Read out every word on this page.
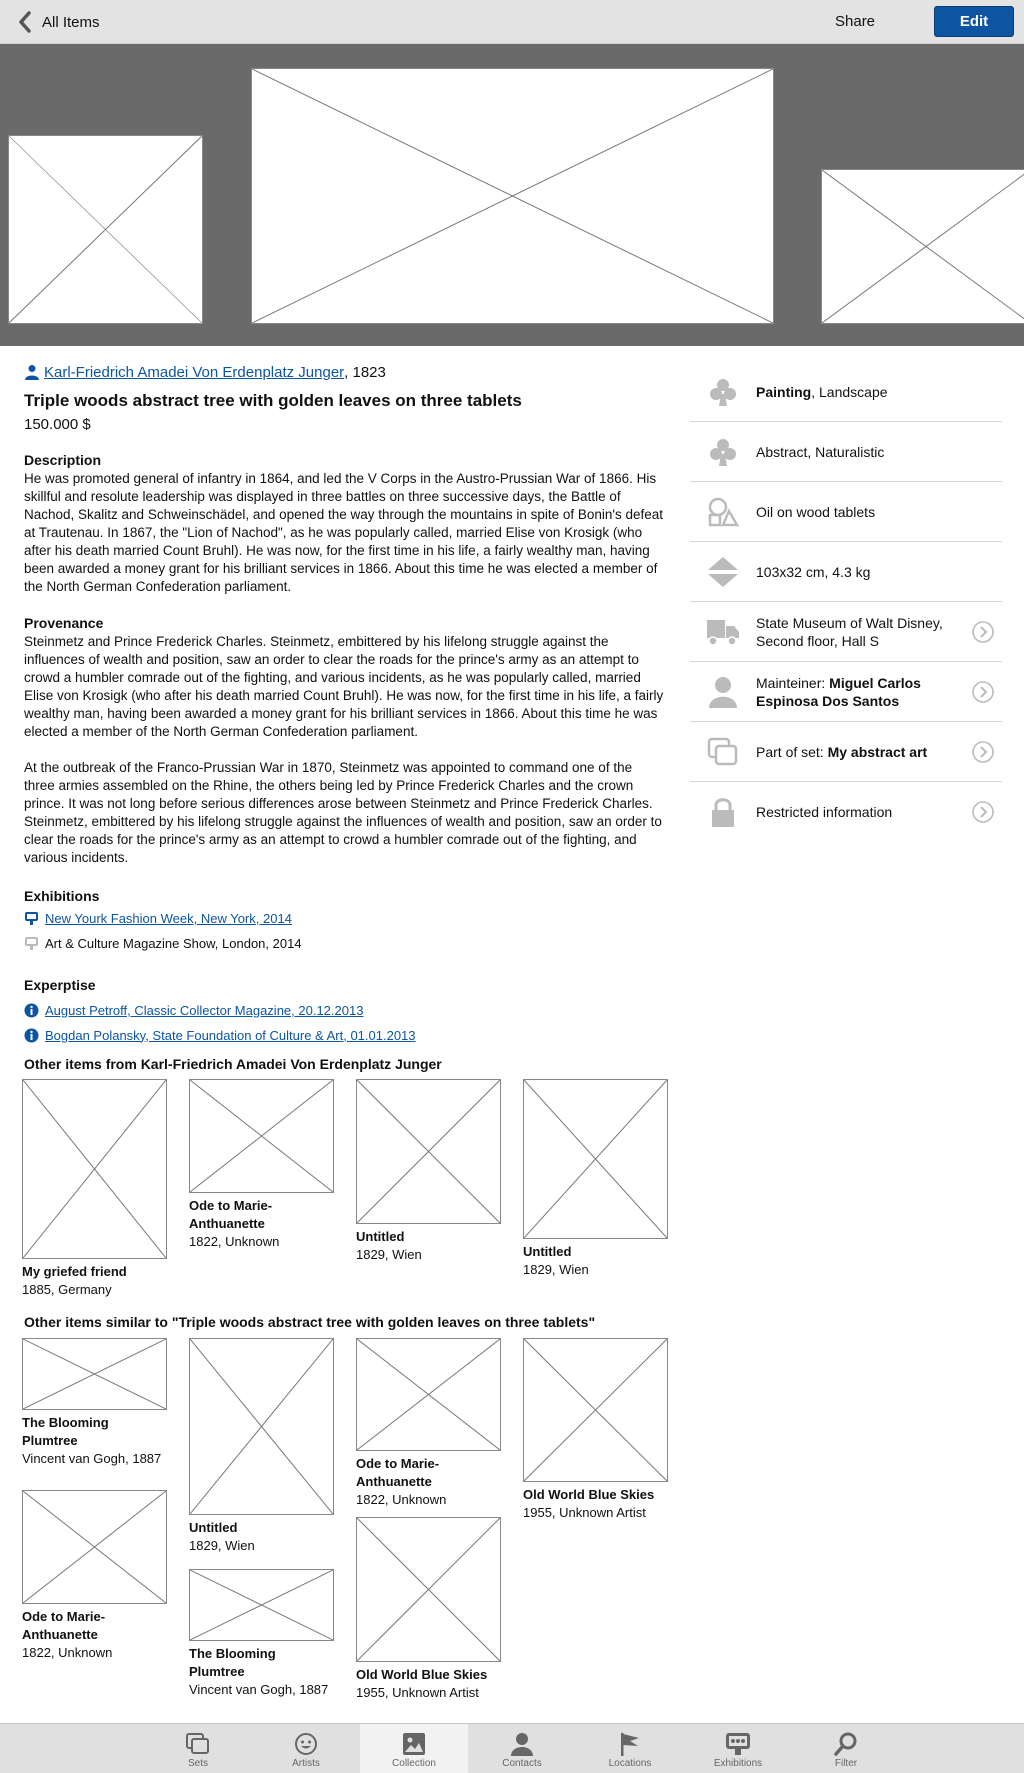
All Items	Share	Edit
Karl-Friedrich Amadei Von Erdenplatz Junger , 1823
Triple woods abstract tree with golden leaves on three tablets
150.000 $
Description
He was promoted general of infantry in 1864, and led the V Corps in the Austro-Prussian War of 1866. His skillful and resolute leadership was displayed in three battles on three successive days, the Battle of Nachod, Skalitz and Schweinschädel, and opened the way through the mountains in spite of Bonin's defeat at Trautenau. In 1867, the "Lion of Nachod", as he was popularly called, married Elise von Krosigk (who after his death married Count Bruhl). He was now, for the first time in his life, a fairly wealthy man, having been awarded a money grant for his brilliant services in 1866. About this time he was elected a member of the North German Confederation parliament.
Provenance
Steinmetz and Prince Frederick Charles. Steinmetz, embittered by his lifelong struggle against the influences of wealth and position, saw an order to clear the roads for the prince's army as an attempt to crowd a humbler comrade out of the fighting, and various incidents, as he was popularly called, married Elise von Krosigk (who after his death married Count Bruhl). He was now, for the first time in his life, a fairly wealthy man, having been awarded a money grant for his brilliant services in 1866. About this time he was elected a member of the North German Confederation parliament.
At the outbreak of the Franco-Prussian War in 1870, Steinmetz was appointed to command one of the three armies assembled on the Rhine, the others being led by Prince Frederick Charles and the crown prince. It was not long before serious differences arose between Steinmetz and Prince Frederick Charles. Steinmetz, embittered by his lifelong struggle against the influences of wealth and position, saw an order to clear the roads for the prince's army as an attempt to crowd a humbler comrade out of the fighting, and various incidents.
Exhibitions
New Yourk Fashion Week, New York, 2014
Art & Culture Magazine Show, London, 2014
Experptise
August Petroff, Classic Collector Magazine, 20.12.2013
Bogdan Polansky, State Foundation of Culture & Art, 01.01.2013
Painting, Landscape
Abstract, Naturalistic
Oil on wood tablets
103x32 cm, 4.3 kg
State Museum of Walt Disney, Second floor, Hall S
Mainteiner: Miguel Carlos Espinosa Dos Santos
Part of set: My abstract art
Restricted information
Other items from Karl-Friedrich Amadei Von Erdenplatz Junger
My griefed friend
1885, Germany
Ode to Marie-Anthuanette
1822, Unknown	Untitled
1829, Wien	Untitled
1829, Wien
Other items similar to "Triple woods abstract tree with golden leaves on three tablets"
The Blooming Plumtree
Vincent van Gogh, 1887
Ode to Marie-Anthuanette
1822, Unknown
Untitled
1829, Wien
The Blooming Plumtree
Vincent van Gogh, 1887
Ode to Marie-Anthuanette
1822, Unknown
Old World Blue Skies
1955, Unknown Artist
Old World Blue Skies
1955, Unknown Artist
Sets	Artists	Collection	Contacts	Locations	Exhibitions	Filter
